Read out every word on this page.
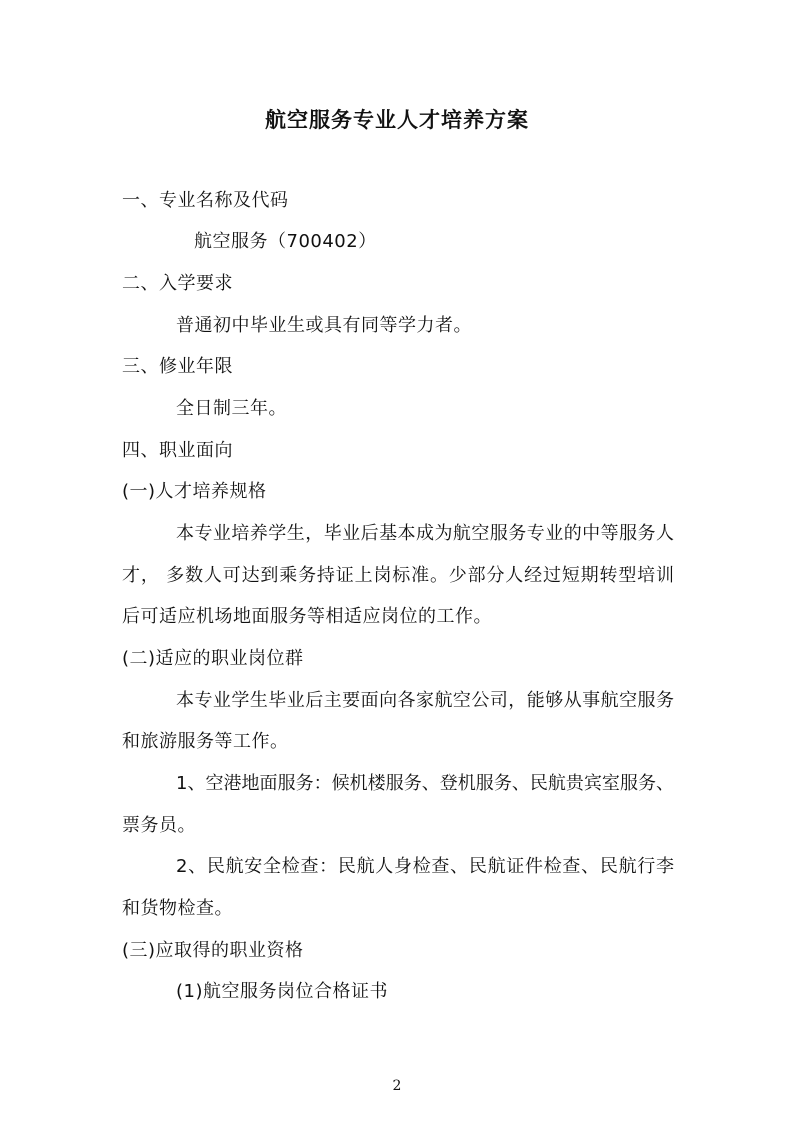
航空服务专业人才培养方案
一、专业名称及代码
航空服务（700402）
二、入学要求
普通初中毕业生或具有同等学力者。
三、修业年限
全日制三年。
四、职业面向
(一)人才培养规格
本专业培养学生，毕业后基本成为航空服务专业的中等服务人
才， 多数人可达到乘务持证上岗标准。少部分人经过短期转型培训
后可适应机场地面服务等相适应岗位的工作。
(二)适应的职业岗位群
本专业学生毕业后主要面向各家航空公司，能够从事航空服务
和旅游服务等工作。
1、空港地面服务：候机楼服务、登机服务、民航贵宾室服务、
票务员。
2、民航安全检查：民航人身检查、民航证件检查、民航行李
和货物检查。
(三)应取得的职业资格
(1)航空服务岗位合格证书
2
